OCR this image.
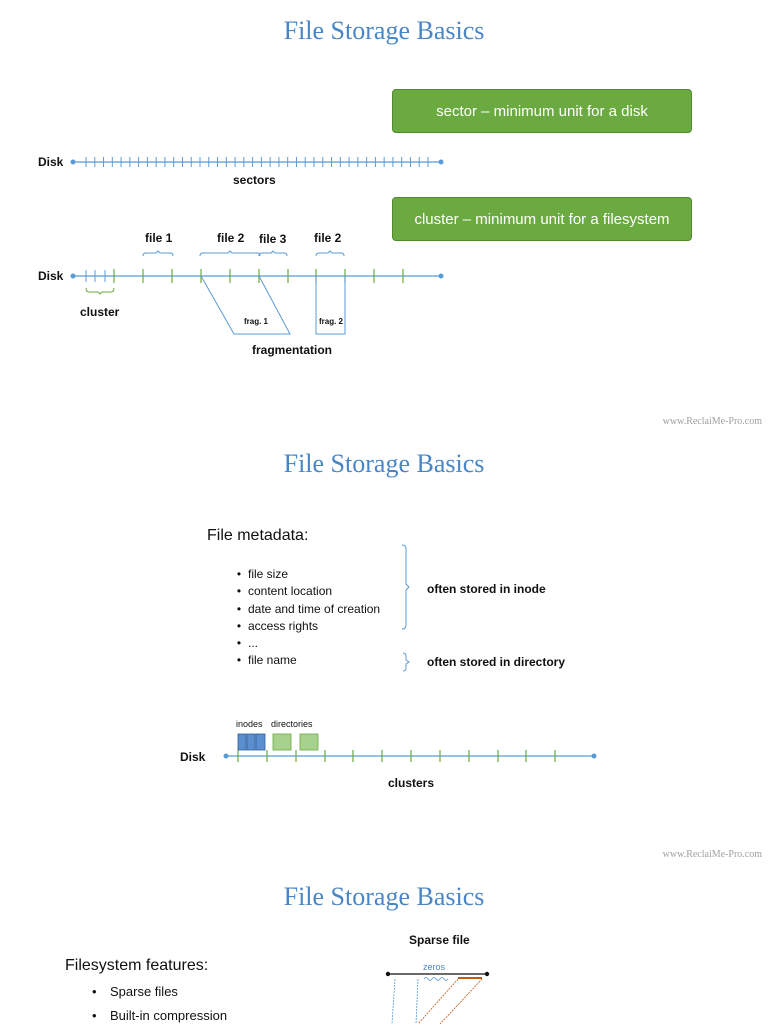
File Storage Basics
sector – minimum unit for a disk
cluster – minimum unit for a filesystem
Disk
sectors
file 1	file 2 file 3 file 2
Disk
cluster
frag. 1	frag. 2
fragmentation
www.ReclaiMe-Pro.com
File Storage Basics
File metadata:
• file size
• content location
• date and time of creation
• access rights
• ...
• file name
often stored in inode
often stored in directory
inodes directories
Disk
clusters
www.ReclaiMe-Pro.com
File Storage Basics
Sparse file
Filesystem features:
• Sparse files
• Built-in compression
zeros
